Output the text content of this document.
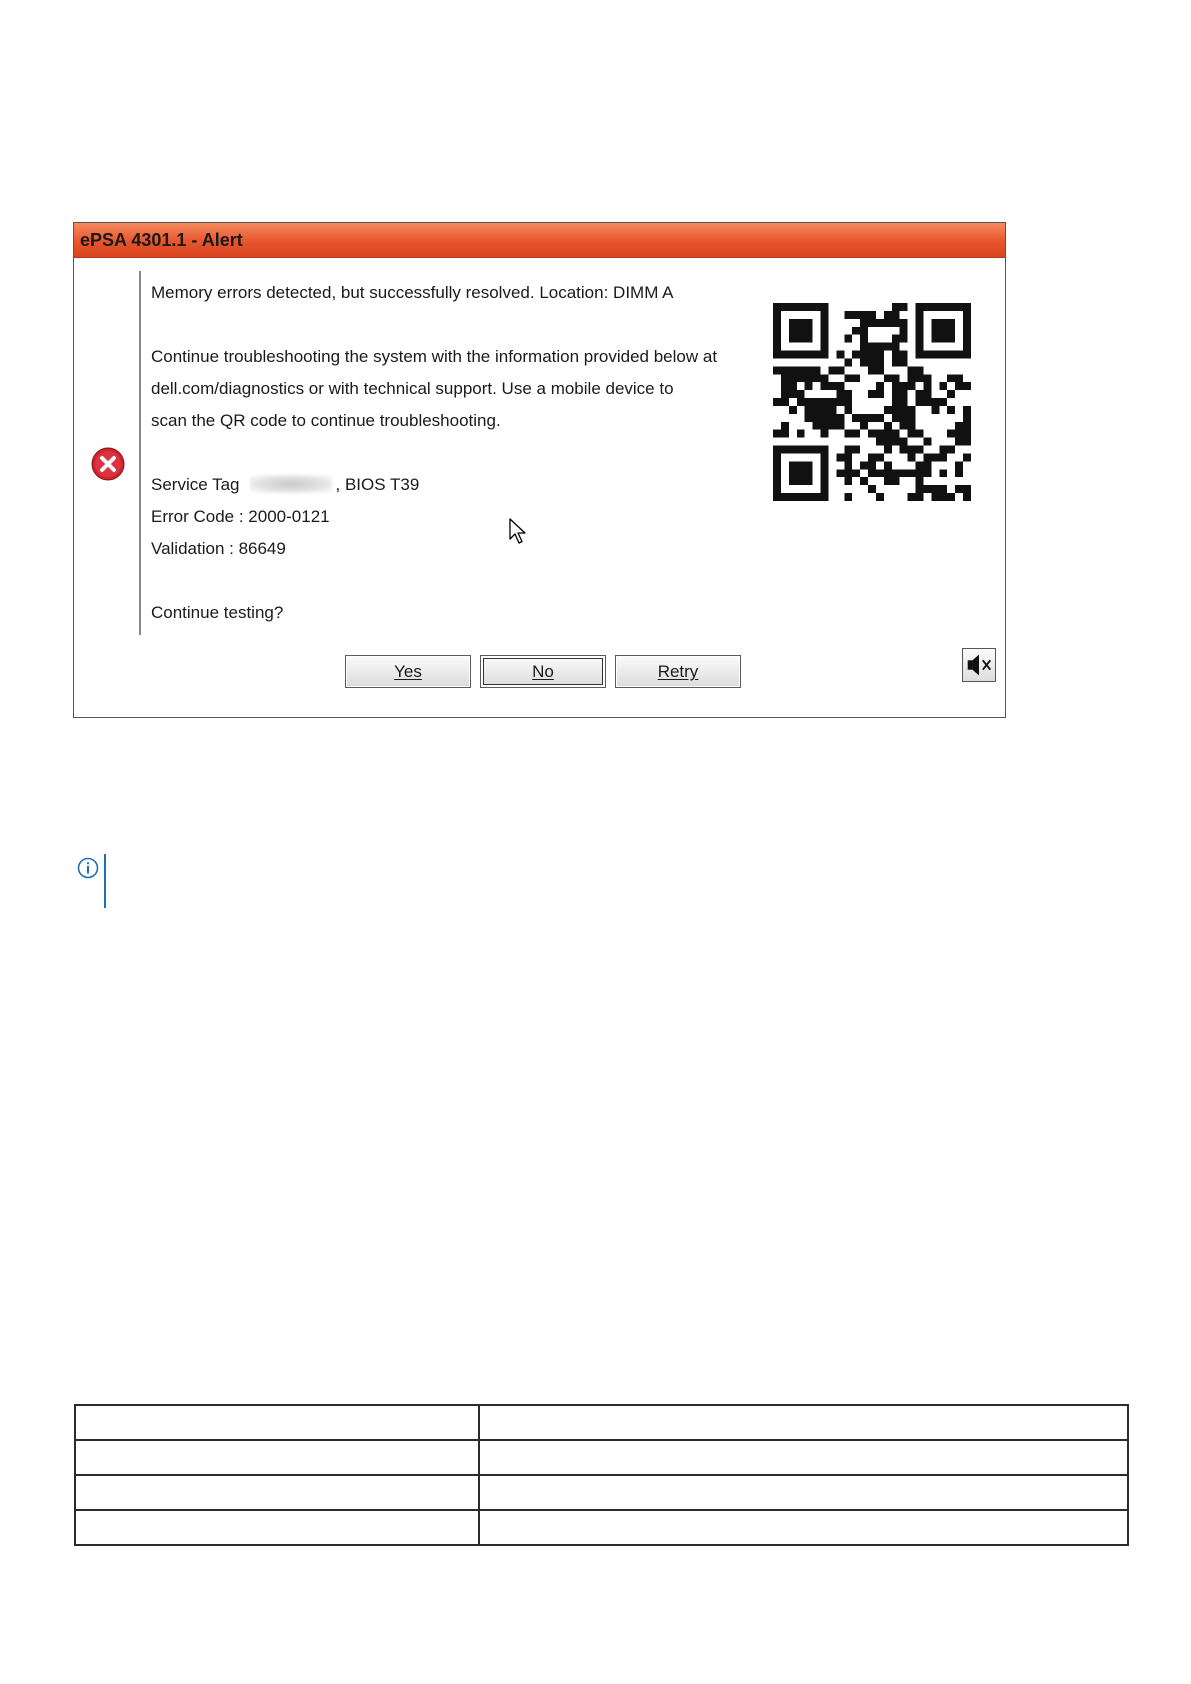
ePSA 4301.1 - Alert
Memory errors detected, but successfully resolved. Location: DIMM A
Continue troubleshooting the system with the information provided below at
dell.com/diagnostics or with technical support. Use a mobile device to
scan the QR code to continue troubleshooting.
Service Tag	, BIOS T39
Error Code : 2000-0121
Validation : 86649
Continue testing?
Yes	No	Retry
